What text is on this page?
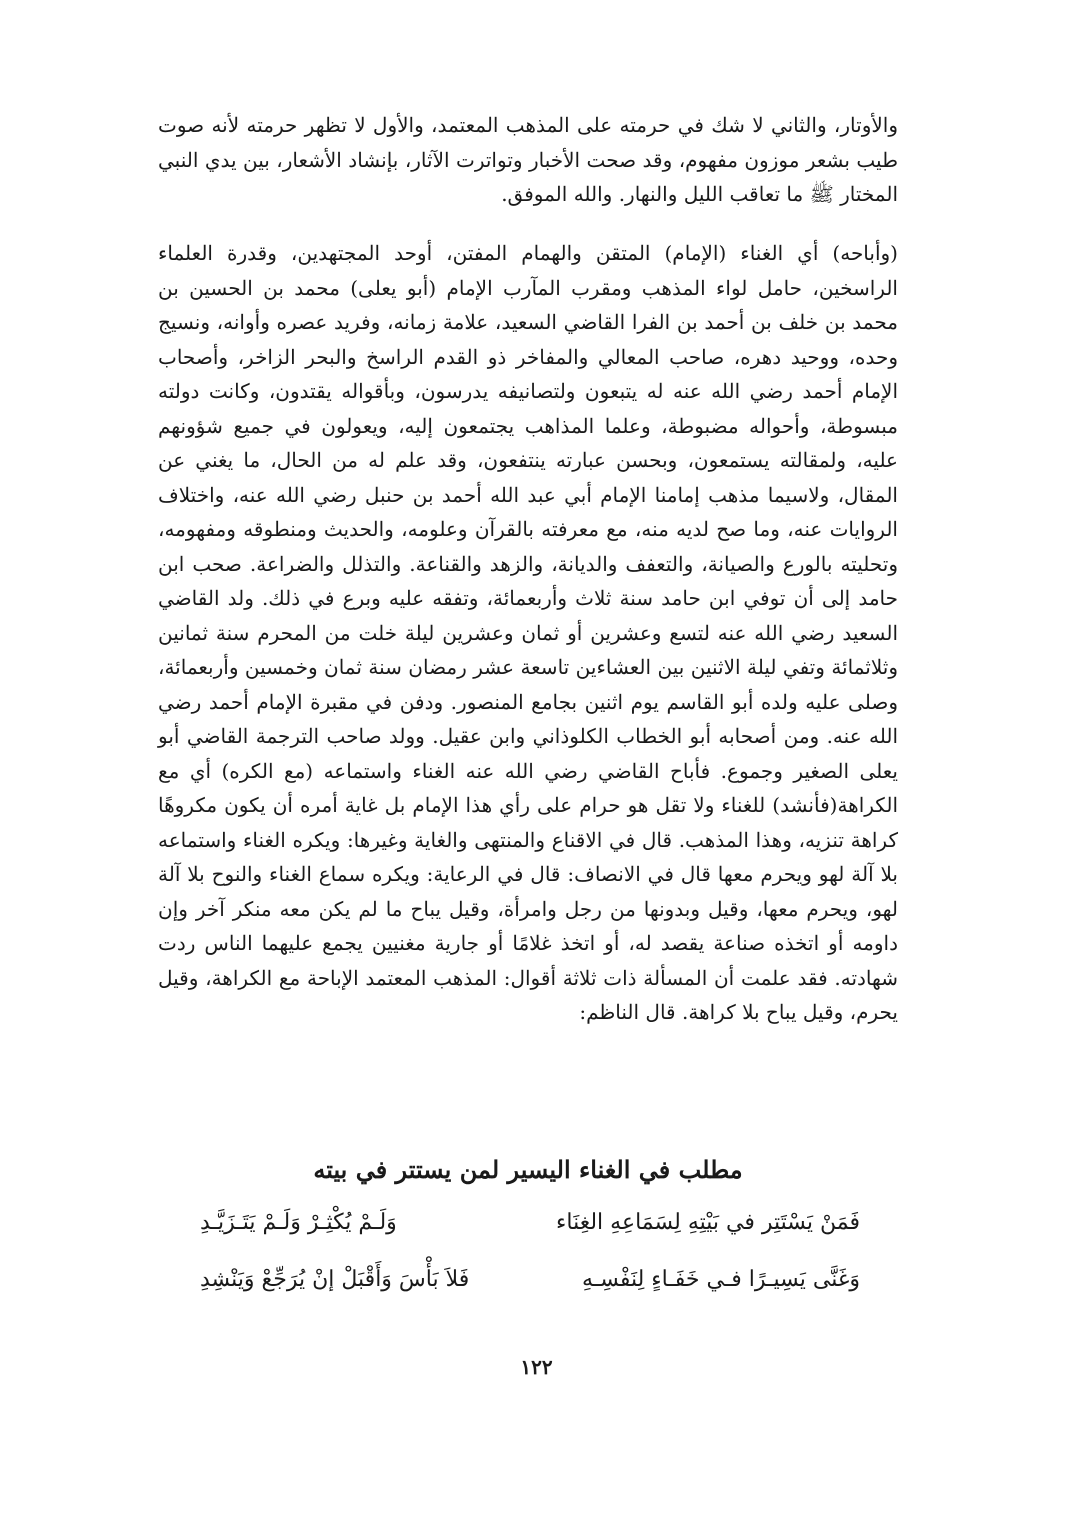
والأوتار، والثاني لا شك في حرمته على المذهب المعتمد، والأول لا تظهر حرمته لأنه صوت طيب بشعر موزون مفهوم، وقد صحت الأخبار وتواترت الآثار، بإنشاد الأشعار، بين يدي النبي المختار ﷺ ما تعاقب الليل والنهار. والله الموفق.

(وأباحه) أي الغناء (الإمام) المتقن والهمام المفتن، أوحد المجتهدين، وقدرة العلماء الراسخين، حامل لواء المذهب ومقرب المآرب الإمام (أبو يعلى) محمد بن الحسين بن محمد بن خلف بن أحمد بن الفرا القاضي السعيد، علامة زمانه، وفريد عصره وأوانه، ونسيج وحده، ووحيد دهره، صاحب المعالي والمفاخر ذو القدم الراسخ والبحر الزاخر، وأصحاب الإمام أحمد رضي الله عنه له يتبعون ولتصانيفه يدرسون، وبأقواله يقتدون، وكانت دولته مبسوطة، وأحواله مضبوطة، وعلما المذاهب يجتمعون إليه، ويعولون في جميع شؤونهم عليه، ولمقالته يستمعون، وبحسن عبارته ينتفعون، وقد علم له من الحال، ما يغني عن المقال، ولاسيما مذهب إمامنا الإمام أبي عبد الله أحمد بن حنبل رضي الله عنه، واختلاف الروايات عنه، وما صح لديه منه، مع معرفته بالقرآن وعلومه، والحديث ومنطوقه ومفهومه، وتحليته بالورع والصيانة، والتعفف والديانة، والزهد والقناعة. والتذلل والضراعة. صحب ابن حامد إلى أن توفي ابن حامد سنة ثلاث وأربعمائة، وتفقه عليه وبرع في ذلك. ولد القاضي السعيد رضي الله عنه لتسع وعشرين أو ثمان وعشرين ليلة خلت من المحرم سنة ثمانين وثلاثمائة وتفي ليلة الاثنين بين العشاءين تاسعة عشر رمضان سنة ثمان وخمسين وأربعمائة، وصلى عليه ولده أبو القاسم يوم اثنين بجامع المنصور. ودفن في مقبرة الإمام أحمد رضي الله عنه. ومن أصحابه أبو الخطاب الكلوذاني وابن عقيل. وولد صاحب الترجمة القاضي أبو يعلى الصغير وجموع. فأباح القاضي رضي الله عنه الغناء واستماعه (مع الكره) أي مع الكراهة(فأنشد) للغناء ولا تقل هو حرام على رأي هذا الإمام بل غاية أمره أن يكون مكروهًا كراهة تنزيه، وهذا المذهب. قال في الاقناع والمنتهى والغاية وغيرها: ويكره الغناء واستماعه بلا آلة لهو ويحرم معها قال في الانصاف: قال في الرعاية: ويكره سماع الغناء والنوح بلا آلة لهو، ويحرم معها، وقيل وبدونها من رجل وامرأة، وقيل يباح ما لم يكن معه منكر آخر وإن داومه أو اتخذه صناعة يقصد له، أو اتخذ غلامًا أو جارية مغنيين يجمع عليهما الناس ردت شهادته. فقد علمت أن المسألة ذات ثلاثة أقوال: المذهب المعتمد الإباحة مع الكراهة، وقيل يحرم، وقيل يباح بلا كراهة. قال الناظم:

مطلب في الغناء اليسير لمن يستتر في بيته
فَمَنْ يَسْتَتِر في بَيْتِهِ لِسَمَاعِهِ الغِنَاء
وَلَـمْ يُكْثِـرْ وَلَـمْ يَتَـزَيَّـدِ
وَغَنَّى يَسِيـرًا فـي خَفَـاءٍ لِنَفْسِـهِ
فَلاَ بَأْسَ وَأَقْبَلْ إنْ يُرَجِّعْ وَيَنْشِدِ
١٢٢
